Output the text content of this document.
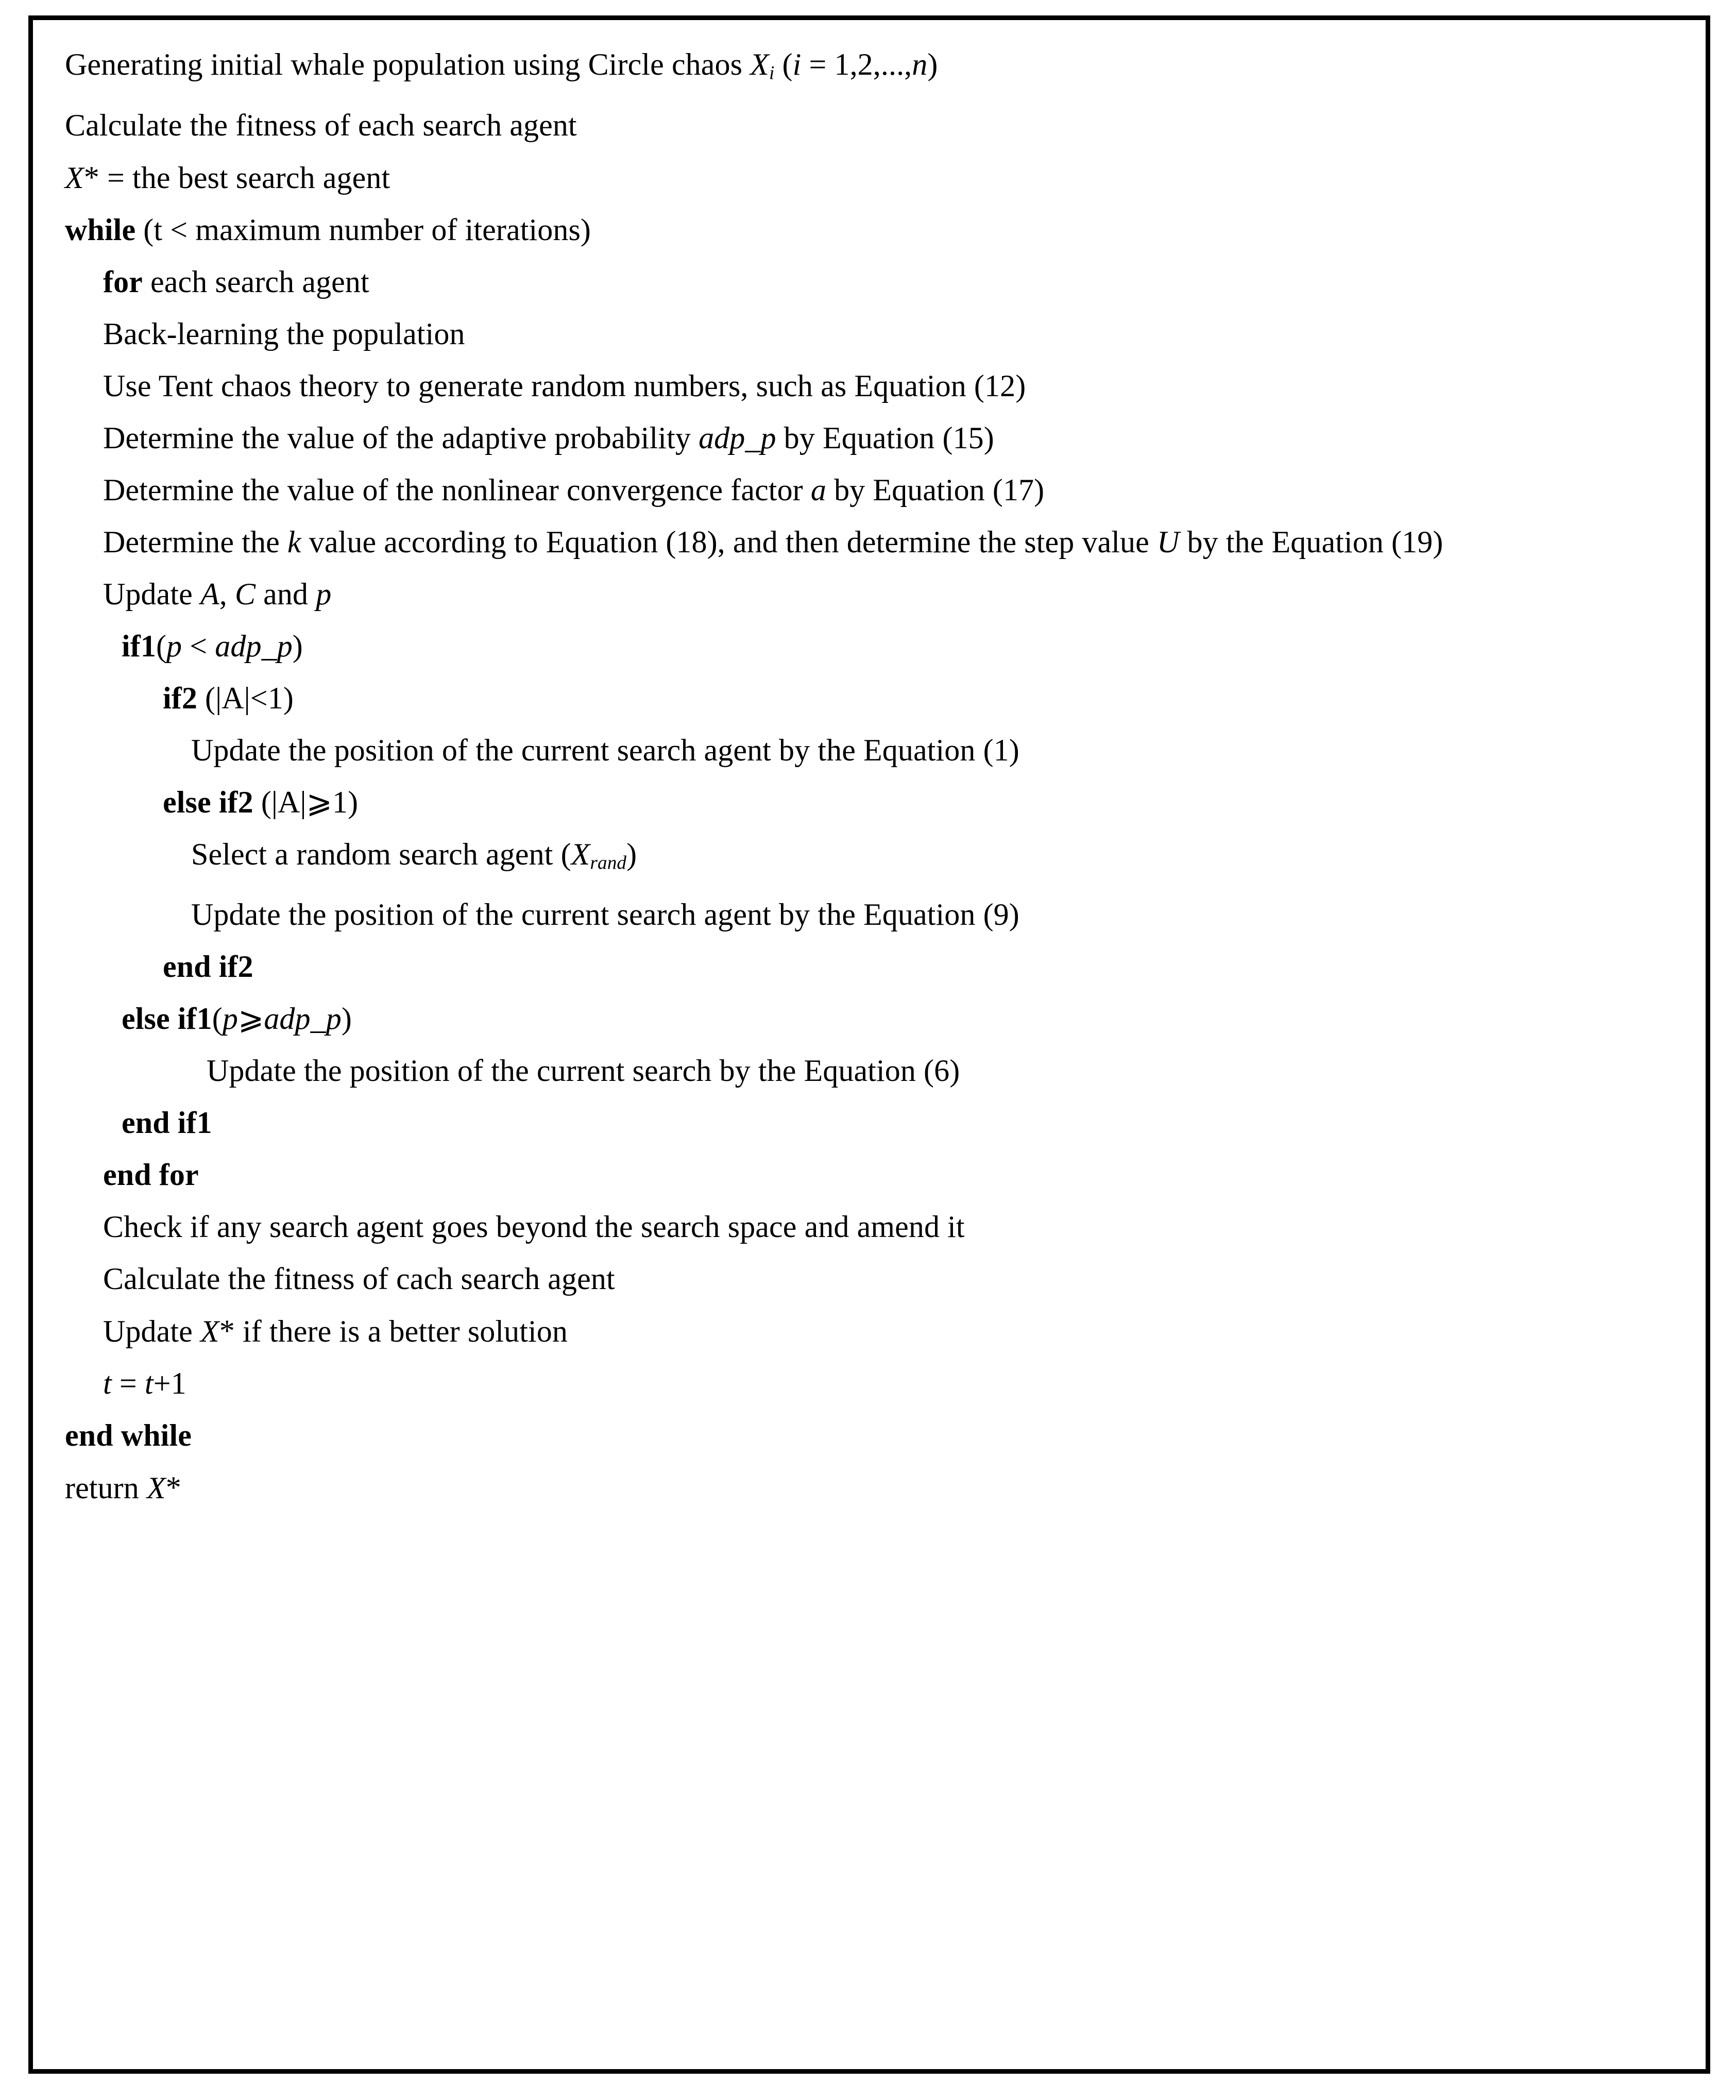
Generating initial whale population using Circle chaos $X_i$ (i = 1,2,...,n)
Calculate the fitness of each search agent
X* = the best search agent
while (t < maximum number of iterations)
for each search agent
Back-learning the population
Use Tent chaos theory to generate random numbers, such as Equation (12)
Determine the value of the adaptive probability adp_p by Equation (15)
Determine the value of the nonlinear convergence factor a by Equation (17)
Determine the k value according to Equation (18), and then determine the step value U by the Equation (19)
Update A, C and p
if1(p < adp_p)
if2 (|A|<1)
Update the position of the current search agent by the Equation (1)
else if2 (|A|⩾1)
Select a random search agent $(X_{rand})$
Update the position of the current search agent by the Equation (9)
end if2
else if1(p⩾adp_p)
Update the position of the current search by the Equation (6)
end if1
end for
Check if any search agent goes beyond the search space and amend it
Calculate the fitness of cach search agent
Update X* if there is a better solution
t = t+1
end while
return X*
